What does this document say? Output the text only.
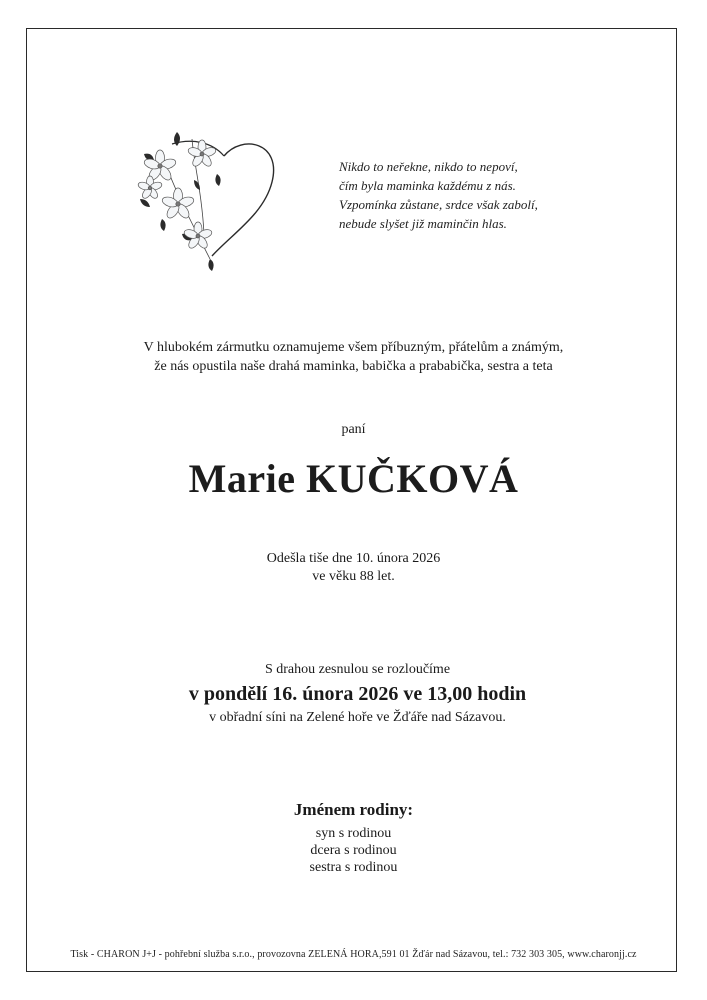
Nikdo to neřekne, nikdo to nepoví,
čím byla maminka každému z nás.
Vzpomínka zůstane, srdce však zabolí,
nebude slyšet již maminčin hlas.
V hlubokém zármutku oznamujeme všem příbuzným, přátelům a známým,
že nás opustila naše drahá maminka, babička a prababička, sestra a teta
paní
Marie KUČKOVÁ
Odešla tiše dne 10. února 2026
ve věku 88 let.
S drahou zesnulou se rozloučíme
v pondělí 16. února 2026 ve 13,00 hodin
v obřadní síni na Zelené hoře ve Žďáře nad Sázavou.
Jménem rodiny:
syn s rodinou
dcera s rodinou
sestra s rodinou
Tisk - CHARON J+J - pohřební služba s.r.o., provozovna ZELENÁ HORA,591 01 Žďár nad Sázavou, tel.: 732 303 305, www.charonjj.cz
